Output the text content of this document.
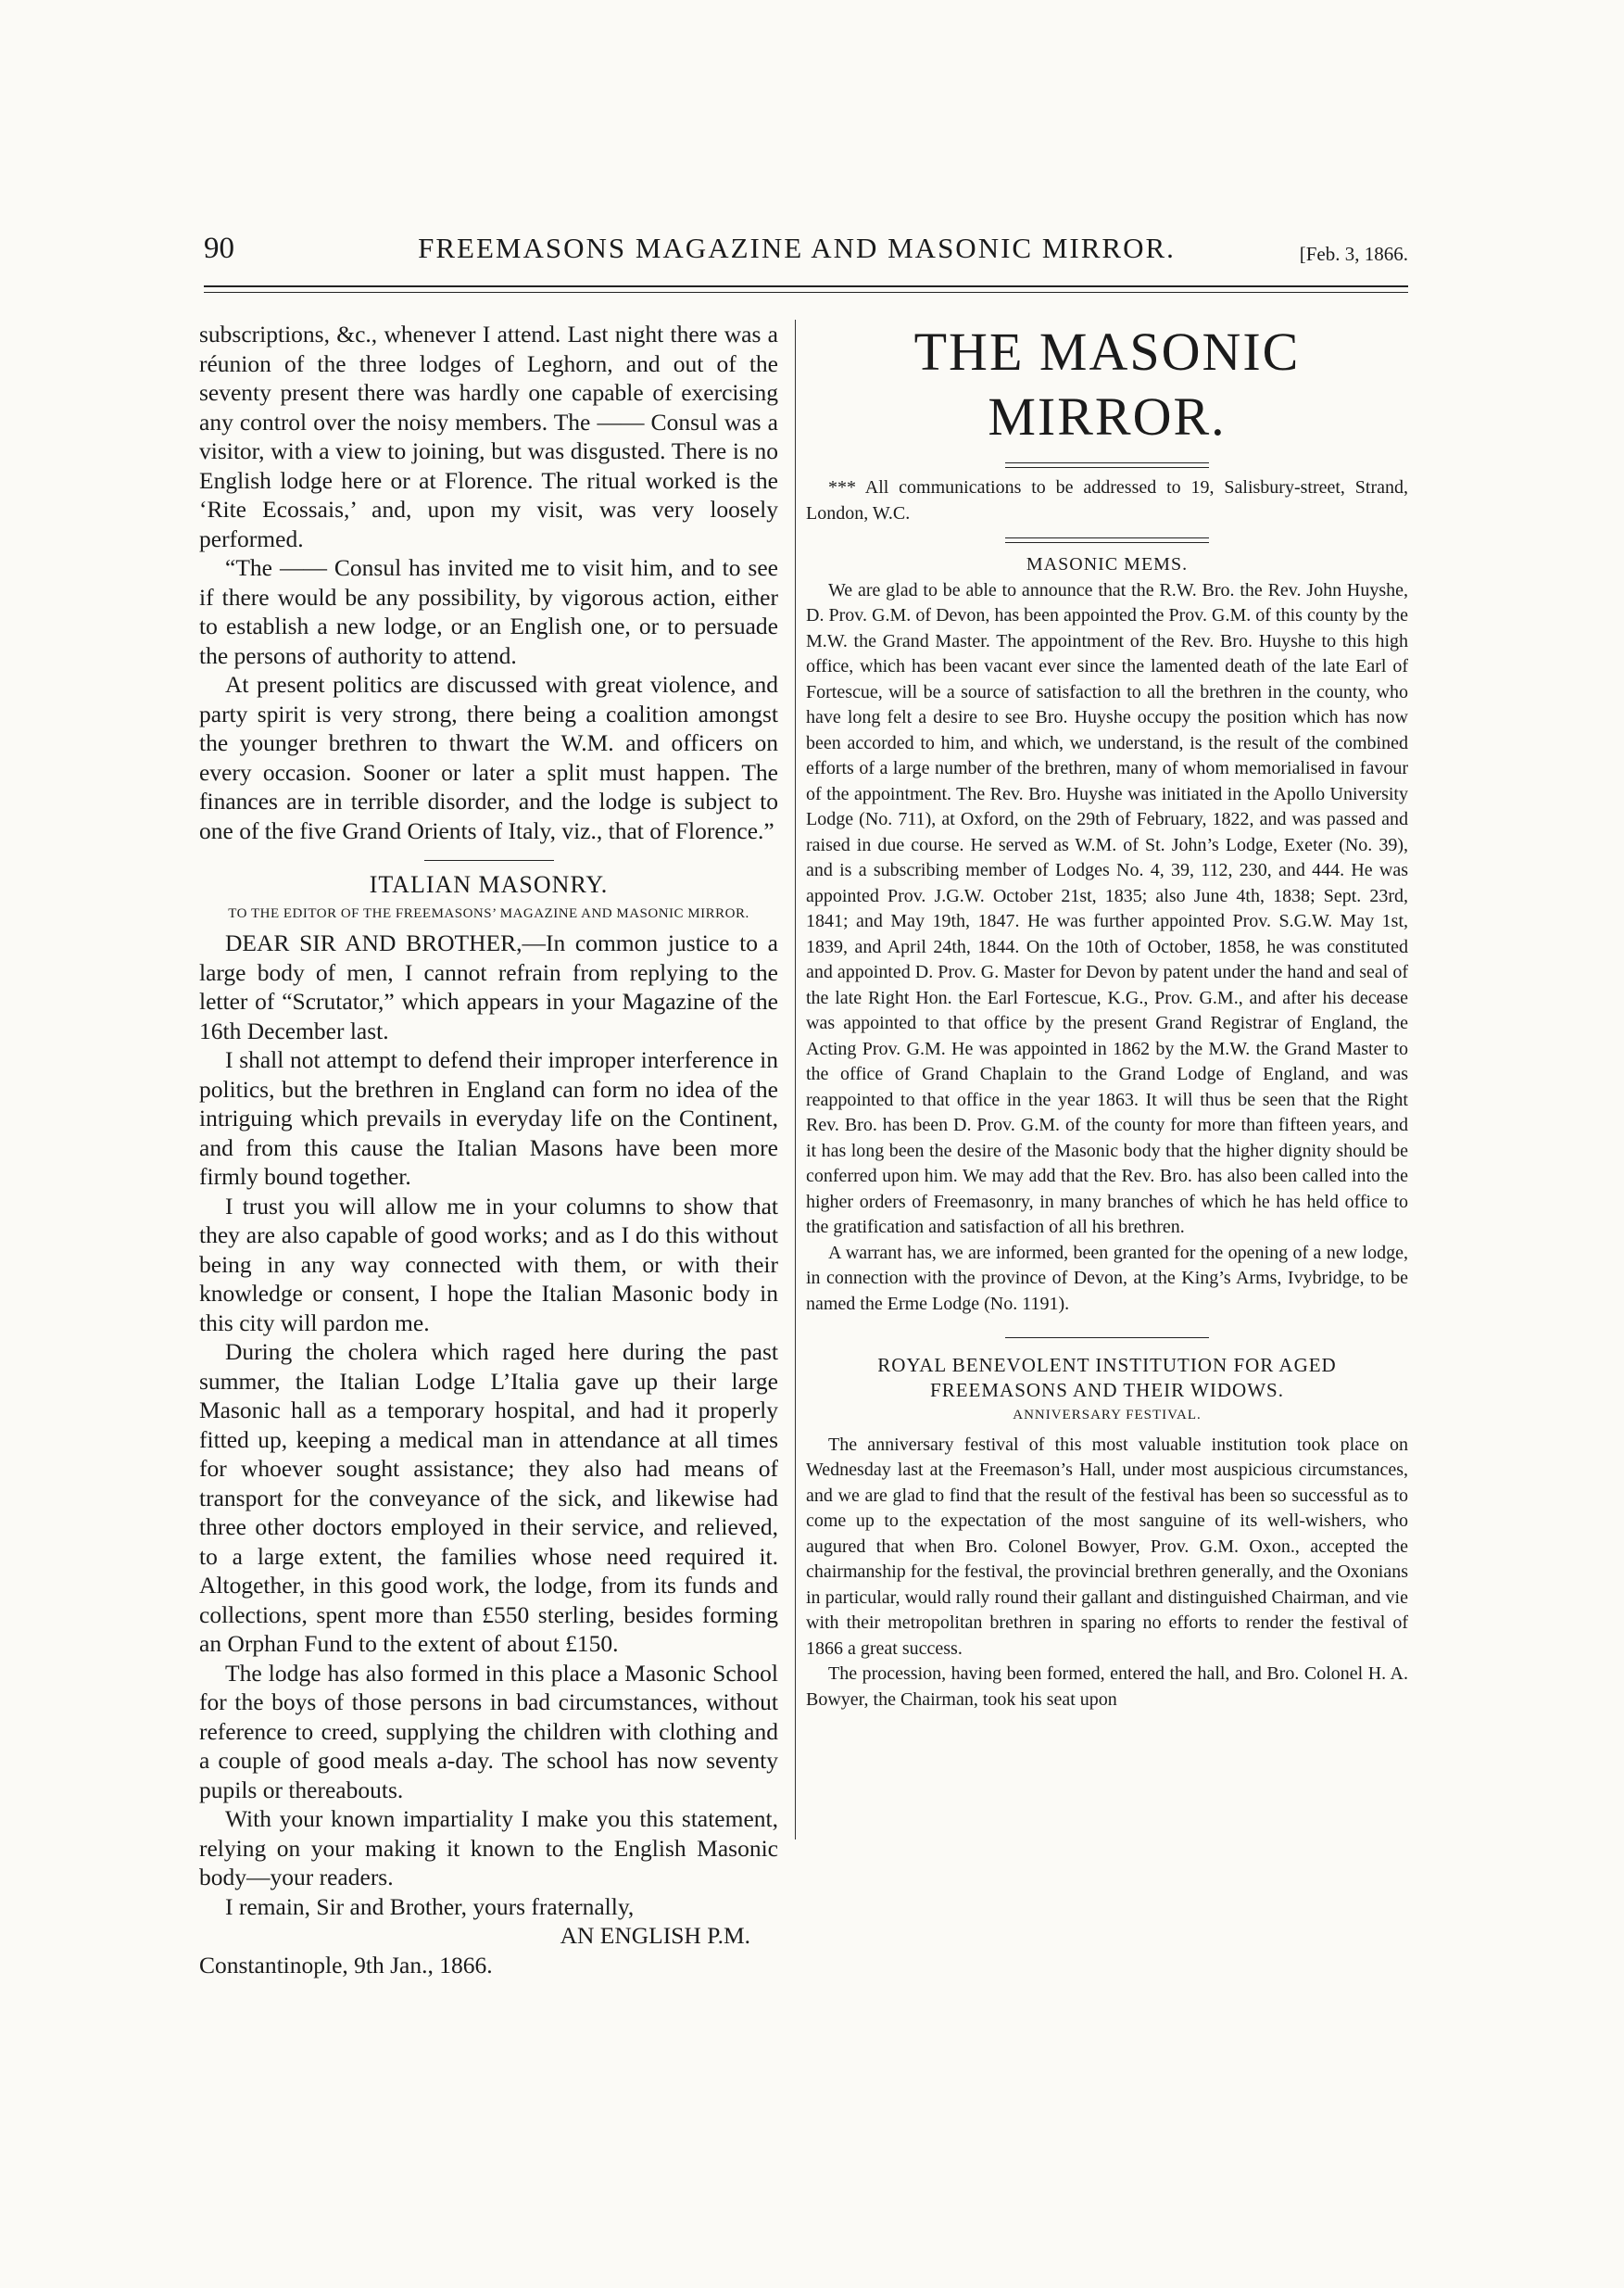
90	FREEMASONS MAGAZINE AND MASONIC MIRROR.	[Feb. 3, 1866.

subscriptions, &c., whenever I attend. Last night there was a réunion of the three lodges of Leghorn, and out of the seventy present there was hardly one capable of exercising any control over the noisy members. The —— Consul was a visitor, with a view to joining, but was disgusted. There is no English lodge here or at Florence. The ritual worked is the ‘Rite Ecossais,’ and, upon my visit, was very loosely performed.

“The —— Consul has invited me to visit him, and to see if there would be any possibility, by vigorous action, either to establish a new lodge, or an English one, or to persuade the persons of authority to attend.

At present politics are discussed with great violence, and party spirit is very strong, there being a coalition amongst the younger brethren to thwart the W.M. and officers on every occasion. Sooner or later a split must happen. The finances are in terrible disorder, and the lodge is subject to one of the five Grand Orients of Italy, viz., that of Florence.”

ITALIAN MASONRY.

TO THE EDITOR OF THE FREEMASONS’ MAGAZINE AND MASONIC MIRROR.

DEAR SIR AND BROTHER,—In common justice to a large body of men, I cannot refrain from replying to the letter of “Scrutator,” which appears in your Magazine of the 16th December last.

I shall not attempt to defend their improper interference in politics, but the brethren in England can form no idea of the intriguing which prevails in everyday life on the Continent, and from this cause the Italian Masons have been more firmly bound together.

I trust you will allow me in your columns to show that they are also capable of good works; and as I do this without being in any way connected with them, or with their knowledge or consent, I hope the Italian Masonic body in this city will pardon me.

During the cholera which raged here during the past summer, the Italian Lodge L’Italia gave up their large Masonic hall as a temporary hospital, and had it properly fitted up, keeping a medical man in attendance at all times for whoever sought assistance; they also had means of transport for the conveyance of the sick, and likewise had three other doctors employed in their service, and relieved, to a large extent, the families whose need required it. Altogether, in this good work, the lodge, from its funds and collections, spent more than £550 sterling, besides forming an Orphan Fund to the extent of about £150.

The lodge has also formed in this place a Masonic School for the boys of those persons in bad circumstances, without reference to creed, supplying the children with clothing and a couple of good meals a-day. The school has now seventy pupils or thereabouts.

With your known impartiality I make you this statement, relying on your making it known to the English Masonic body—your readers.

I remain, Sir and Brother, yours fraternally,

AN ENGLISH P.M.

Constantinople, 9th Jan., 1866.

THE MASONIC MIRROR.

*** All communications to be addressed to 19, Salisbury-street, Strand, London, W.C.

MASONIC MEMS.

We are glad to be able to announce that the R.W. Bro. the Rev. John Huyshe, D. Prov. G.M. of Devon, has been appointed the Prov. G.M. of this county by the M.W. the Grand Master. The appointment of the Rev. Bro. Huyshe to this high office, which has been vacant ever since the lamented death of the late Earl of Fortescue, will be a source of satisfaction to all the brethren in the county, who have long felt a desire to see Bro. Huyshe occupy the position which has now been accorded to him, and which, we understand, is the result of the combined efforts of a large number of the brethren, many of whom memorialised in favour of the appointment. The Rev. Bro. Huyshe was initiated in the Apollo University Lodge (No. 711), at Oxford, on the 29th of February, 1822, and was passed and raised in due course. He served as W.M. of St. John’s Lodge, Exeter (No. 39), and is a subscribing member of Lodges No. 4, 39, 112, 230, and 444. He was appointed Prov. J.G.W. October 21st, 1835; also June 4th, 1838; Sept. 23rd, 1841; and May 19th, 1847. He was further appointed Prov. S.G.W. May 1st, 1839, and April 24th, 1844. On the 10th of October, 1858, he was constituted and appointed D. Prov. G. Master for Devon by patent under the hand and seal of the late Right Hon. the Earl Fortescue, K.G., Prov. G.M., and after his decease was appointed to that office by the present Grand Registrar of England, the Acting Prov. G.M. He was appointed in 1862 by the M.W. the Grand Master to the office of Grand Chaplain to the Grand Lodge of England, and was reappointed to that office in the year 1863. It will thus be seen that the Right Rev. Bro. has been D. Prov. G.M. of the county for more than fifteen years, and it has long been the desire of the Masonic body that the higher dignity should be conferred upon him. We may add that the Rev. Bro. has also been called into the higher orders of Freemasonry, in many branches of which he has held office to the gratification and satisfaction of all his brethren.

A warrant has, we are informed, been granted for the opening of a new lodge, in connection with the province of Devon, at the King’s Arms, Ivybridge, to be named the Erme Lodge (No. 1191).

ROYAL BENEVOLENT INSTITUTION FOR AGED FREEMASONS AND THEIR WIDOWS.

ANNIVERSARY FESTIVAL.

The anniversary festival of this most valuable institution took place on Wednesday last at the Freemason’s Hall, under most auspicious circumstances, and we are glad to find that the result of the festival has been so successful as to come up to the expectation of the most sanguine of its well-wishers, who augured that when Bro. Colonel Bowyer, Prov. G.M. Oxon., accepted the chairmanship for the festival, the provincial brethren generally, and the Oxonians in particular, would rally round their gallant and distinguished Chairman, and vie with their metropolitan brethren in sparing no efforts to render the festival of 1866 a great success.

The procession, having been formed, entered the hall, and Bro. Colonel H. A. Bowyer, the Chairman, took his seat upon
